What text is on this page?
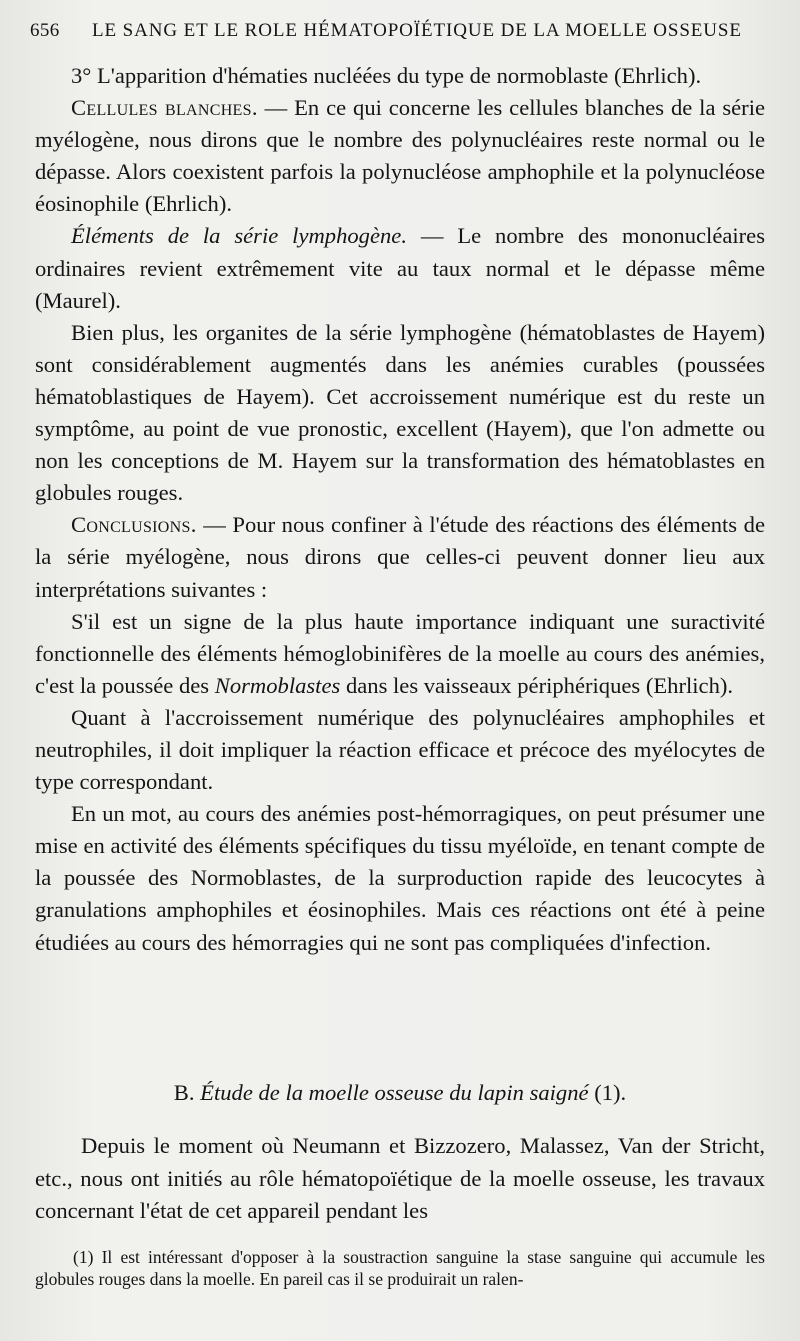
656 LE SANG ET LE ROLE HÉMATOPOÏÉTIQUE DE LA MOELLE OSSEUSE

3° L'apparition d'hématies nucléées du type de normoblaste (Ehrlich).

Cellules blanches. — En ce qui concerne les cellules blanches de la série myélogène, nous dirons que le nombre des polynucléaires reste normal ou le dépasse. Alors coexistent parfois la polynucléose amphophile et la polynucléose éosinophile (Ehrlich).

Éléments de la série lymphogène. — Le nombre des mononucléaires ordinaires revient extrêmement vite au taux normal et le dépasse même (Maurel).

Bien plus, les organites de la série lymphogène (hématoblastes de Hayem) sont considérablement augmentés dans les anémies curables (poussées hématoblastiques de Hayem). Cet accroissement numérique est du reste un symptôme, au point de vue pronostic, excellent (Hayem), que l'on admette ou non les conceptions de M. Hayem sur la transformation des hématoblastes en globules rouges.

Conclusions. — Pour nous confiner à l'étude des réactions des éléments de la série myélogène, nous dirons que celles-ci peuvent donner lieu aux interprétations suivantes :

S'il est un signe de la plus haute importance indiquant une suractivité fonctionnelle des éléments hémoglobinifères de la moelle au cours des anémies, c'est la poussée des Normoblastes dans les vaisseaux périphériques (Ehrlich).

Quant à l'accroissement numérique des polynucléaires amphophiles et neutrophiles, il doit impliquer la réaction efficace et précoce des myélocytes de type correspondant.

En un mot, au cours des anémies post-hémorragiques, on peut présumer une mise en activité des éléments spécifiques du tissu myéloïde, en tenant compte de la poussée des Normoblastes, de la surproduction rapide des leucocytes à granulations amphophiles et éosinophiles. Mais ces réactions ont été à peine étudiées au cours des hémorragies qui ne sont pas compliquées d'infection.

B. Étude de la moelle osseuse du lapin saigné (1).

Depuis le moment où Neumann et Bizzozero, Malassez, Van der Stricht, etc., nous ont initiés au rôle hématopoïétique de la moelle osseuse, les travaux concernant l'état de cet appareil pendant les

(1) Il est intéressant d'opposer à la soustraction sanguine la stase sanguine qui accumule les globules rouges dans la moelle. En pareil cas il se produirait un ralen-
